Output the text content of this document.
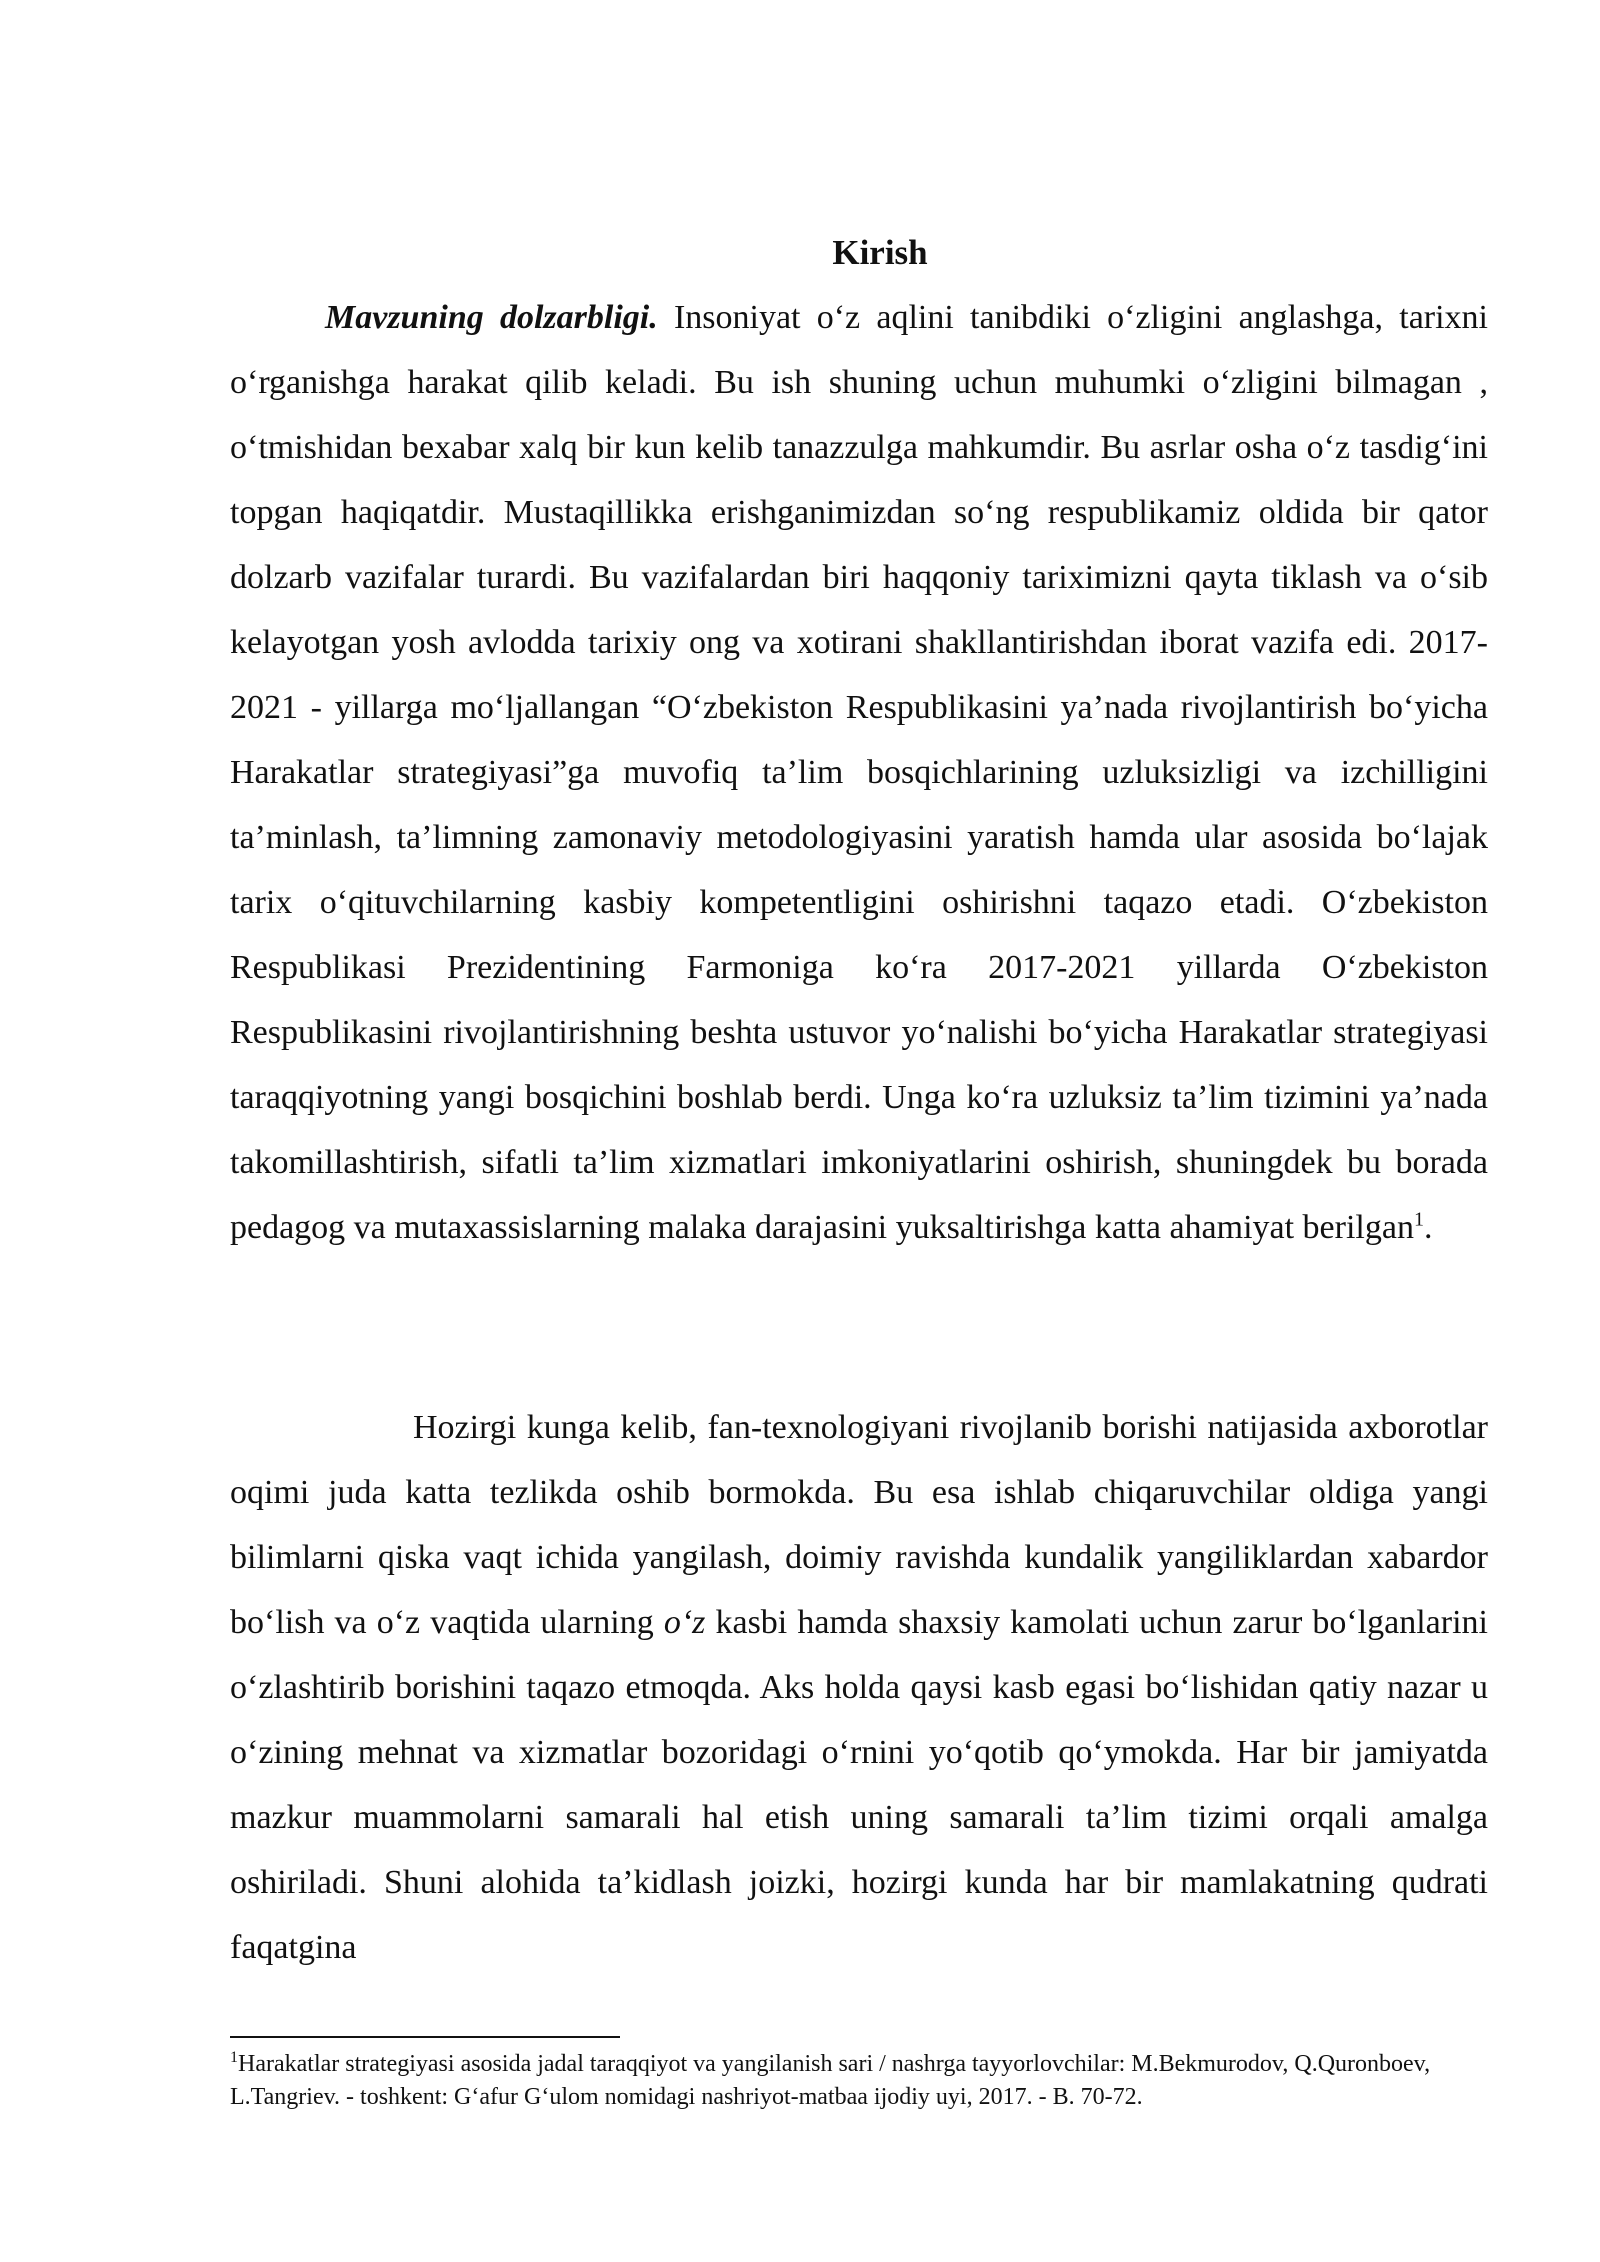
Kirish

Mavzuning dolzarbligi. Insoniyat o‘z aqlini tanibdiki o‘zligini anglashga, tarixni o‘rganishga harakat qilib keladi. Bu ish shuning uchun muhumki o‘zligini bilmagan , o‘tmishidan bexabar xalq bir kun kelib tanazzulga mahkumdir. Bu asrlar osha o‘z tasdig‘ini topgan haqiqatdir. Mustaqillikka erishganimizdan so‘ng respublikamiz oldida bir qator dolzarb vazifalar turardi. Bu vazifalardan biri haqqoniy tariximizni qayta tiklash va o‘sib kelayotgan yosh avlodda tarixiy ong va xotirani shakllantirishdan iborat vazifa edi. 2017-2021 - yillarga mo‘ljallangan “O‘zbekiston Respublikasini ya’nada rivojlantirish bo‘yicha Harakatlar strategiyasi”ga muvofiq ta’lim bosqichlarining uzluksizligi va izchilligini ta’minlash, ta’limning zamonaviy metodologiyasini yaratish hamda ular asosida bo‘lajak tarix o‘qituvchilarning kasbiy kompetentligini oshirishni taqazo etadi. O‘zbekiston Respublikasi Prezidentining Farmoniga ko‘ra 2017-2021 yillarda O‘zbekiston Respublikasini rivojlantirishning beshta ustuvor yo‘nalishi bo‘yicha Harakatlar strategiyasi taraqqiyotning yangi bosqichini boshlab berdi. Unga ko‘ra uzluksiz ta’lim tizimini ya’nada takomillashtirish, sifatli ta’lim xizmatlari imkoniyatlarini oshirish, shuningdek bu borada pedagog va mutaxassislarning malaka darajasini yuksaltirishga katta ahamiyat berilgan$^1$.

Hozirgi kunga kelib, fan-texnologiyani rivojlanib borishi natijasida axborotlar oqimi juda katta tezlikda oshib bormokda. Bu esa ishlab chiqaruvchilar oldiga yangi bilimlarni qiska vaqt ichida yangilash, doimiy ravishda kundalik yangiliklardan xabardor bo‘lish va o‘z vaqtida ularning o‘z kasbi hamda shaxsiy kamolati uchun zarur bo‘lganlarini o‘zlashtirib borishini taqazo etmoqda. Aks holda qaysi kasb egasi bo‘lishidan qatiy nazar u o‘zining mehnat va xizmatlar bozoridagi o‘rnini yo‘qotib qo‘ymokda. Har bir jamiyatda mazkur muammolarni samarali hal etish uning samarali ta’lim tizimi orqali amalga oshiriladi. Shuni alohida ta’kidlash joizki, hozirgi kunda har bir mamlakatning qudrati faqatgina

$^1$Harakatlar strategiyasi asosida jadal taraqqiyot va yangilanish sari / nashrga tayyorlovchilar: M.Bekmurodov, Q.Quronboev, L.Tangriev. - toshkent: G‘afur G‘ulom nomidagi nashriyot-matbaa ijodiy uyi, 2017. - B. 70-72.
